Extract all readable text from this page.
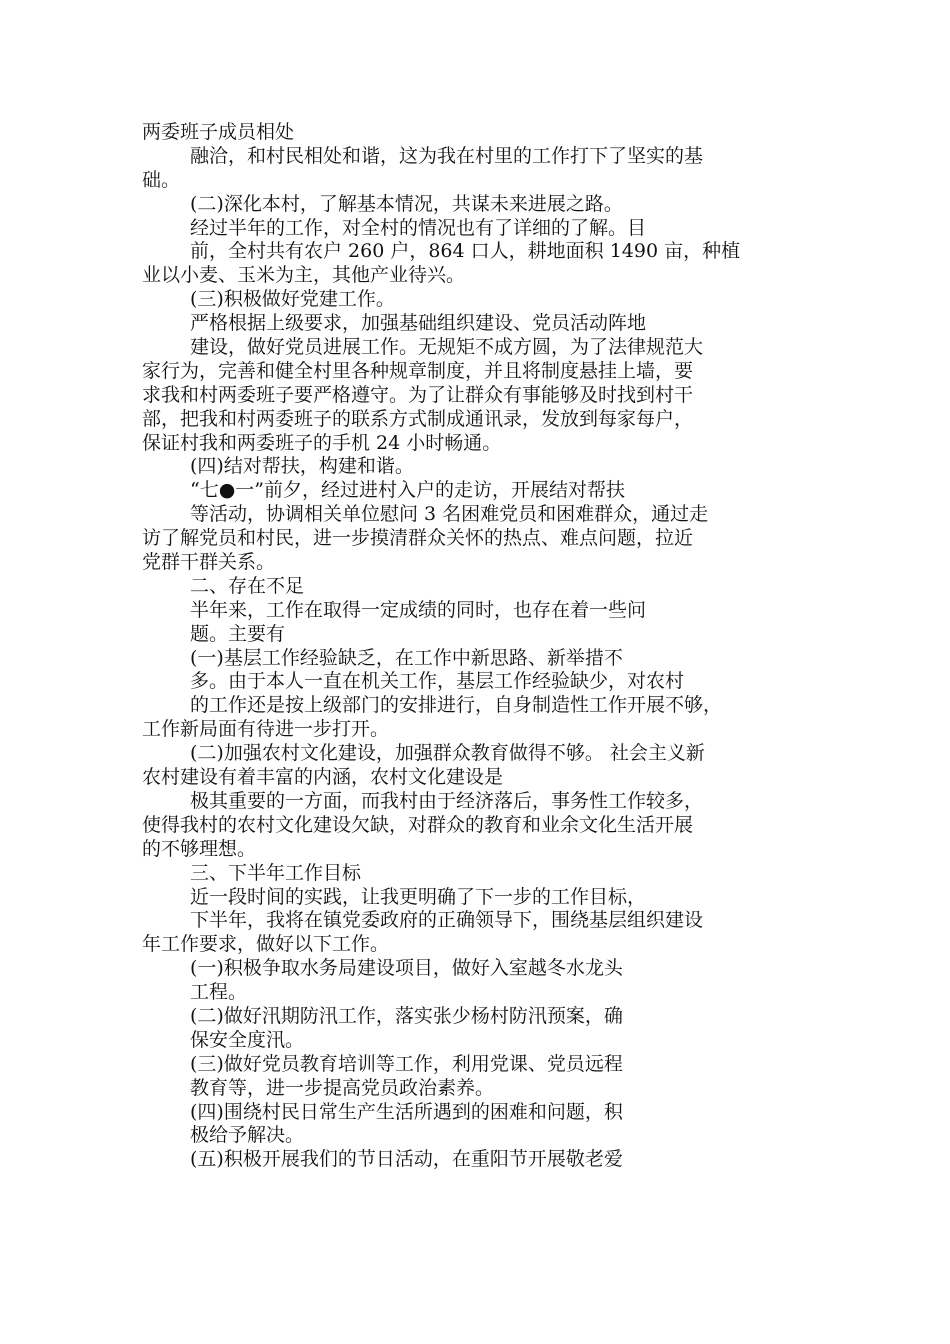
两委班子成员相处
融洽，和村民相处和谐，这为我在村里的工作打下了坚实的基
础。
(二)深化本村，了解基本情况，共谋未来进展之路。
经过半年的工作，对全村的情况也有了详细的了解。目
前，全村共有农户 260 户，864 口人，耕地面积 1490 亩，种植
业以小麦、玉米为主，其他产业待兴。
(三)积极做好党建工作。
严格根据上级要求，加强基础组织建设、党员活动阵地
建设，做好党员进展工作。无规矩不成方圆，为了法律规范大
家行为，完善和健全村里各种规章制度，并且将制度悬挂上墙，要
求我和村两委班子要严格遵守。为了让群众有事能够及时找到村干
部，把我和村两委班子的联系方式制成通讯录，发放到每家每户，
保证村我和两委班子的手机 24 小时畅通。
(四)结对帮扶，构建和谐。
“七●一”前夕，经过进村入户的走访，开展结对帮扶
等活动，协调相关单位慰问 3 名困难党员和困难群众，通过走
访了解党员和村民，进一步摸清群众关怀的热点、难点问题，拉近
党群干群关系。
二、存在不足
半年来，工作在取得一定成绩的同时，也存在着一些问
题。主要有
(一)基层工作经验缺乏，在工作中新思路、新举措不
多。由于本人一直在机关工作，基层工作经验缺少，对农村
的工作还是按上级部门的安排进行，自身制造性工作开展不够，
工作新局面有待进一步打开。
(二)加强农村文化建设，加强群众教育做得不够。 社会主义新
农村建设有着丰富的内涵，农村文化建设是
极其重要的一方面，而我村由于经济落后，事务性工作较多，
使得我村的农村文化建设欠缺，对群众的教育和业余文化生活开展
的不够理想。
三、下半年工作目标
近一段时间的实践，让我更明确了下一步的工作目标，
下半年，我将在镇党委政府的正确领导下，围绕基层组织建设
年工作要求，做好以下工作。
(一)积极争取水务局建设项目，做好入室越冬水龙头
工程。
(二)做好汛期防汛工作，落实张少杨村防汛预案，确
保安全度汛。
(三)做好党员教育培训等工作，利用党课、党员远程
教育等，进一步提高党员政治素养。
(四)围绕村民日常生产生活所遇到的困难和问题，积
极给予解决。
(五)积极开展我们的节日活动，在重阳节开展敬老爱
